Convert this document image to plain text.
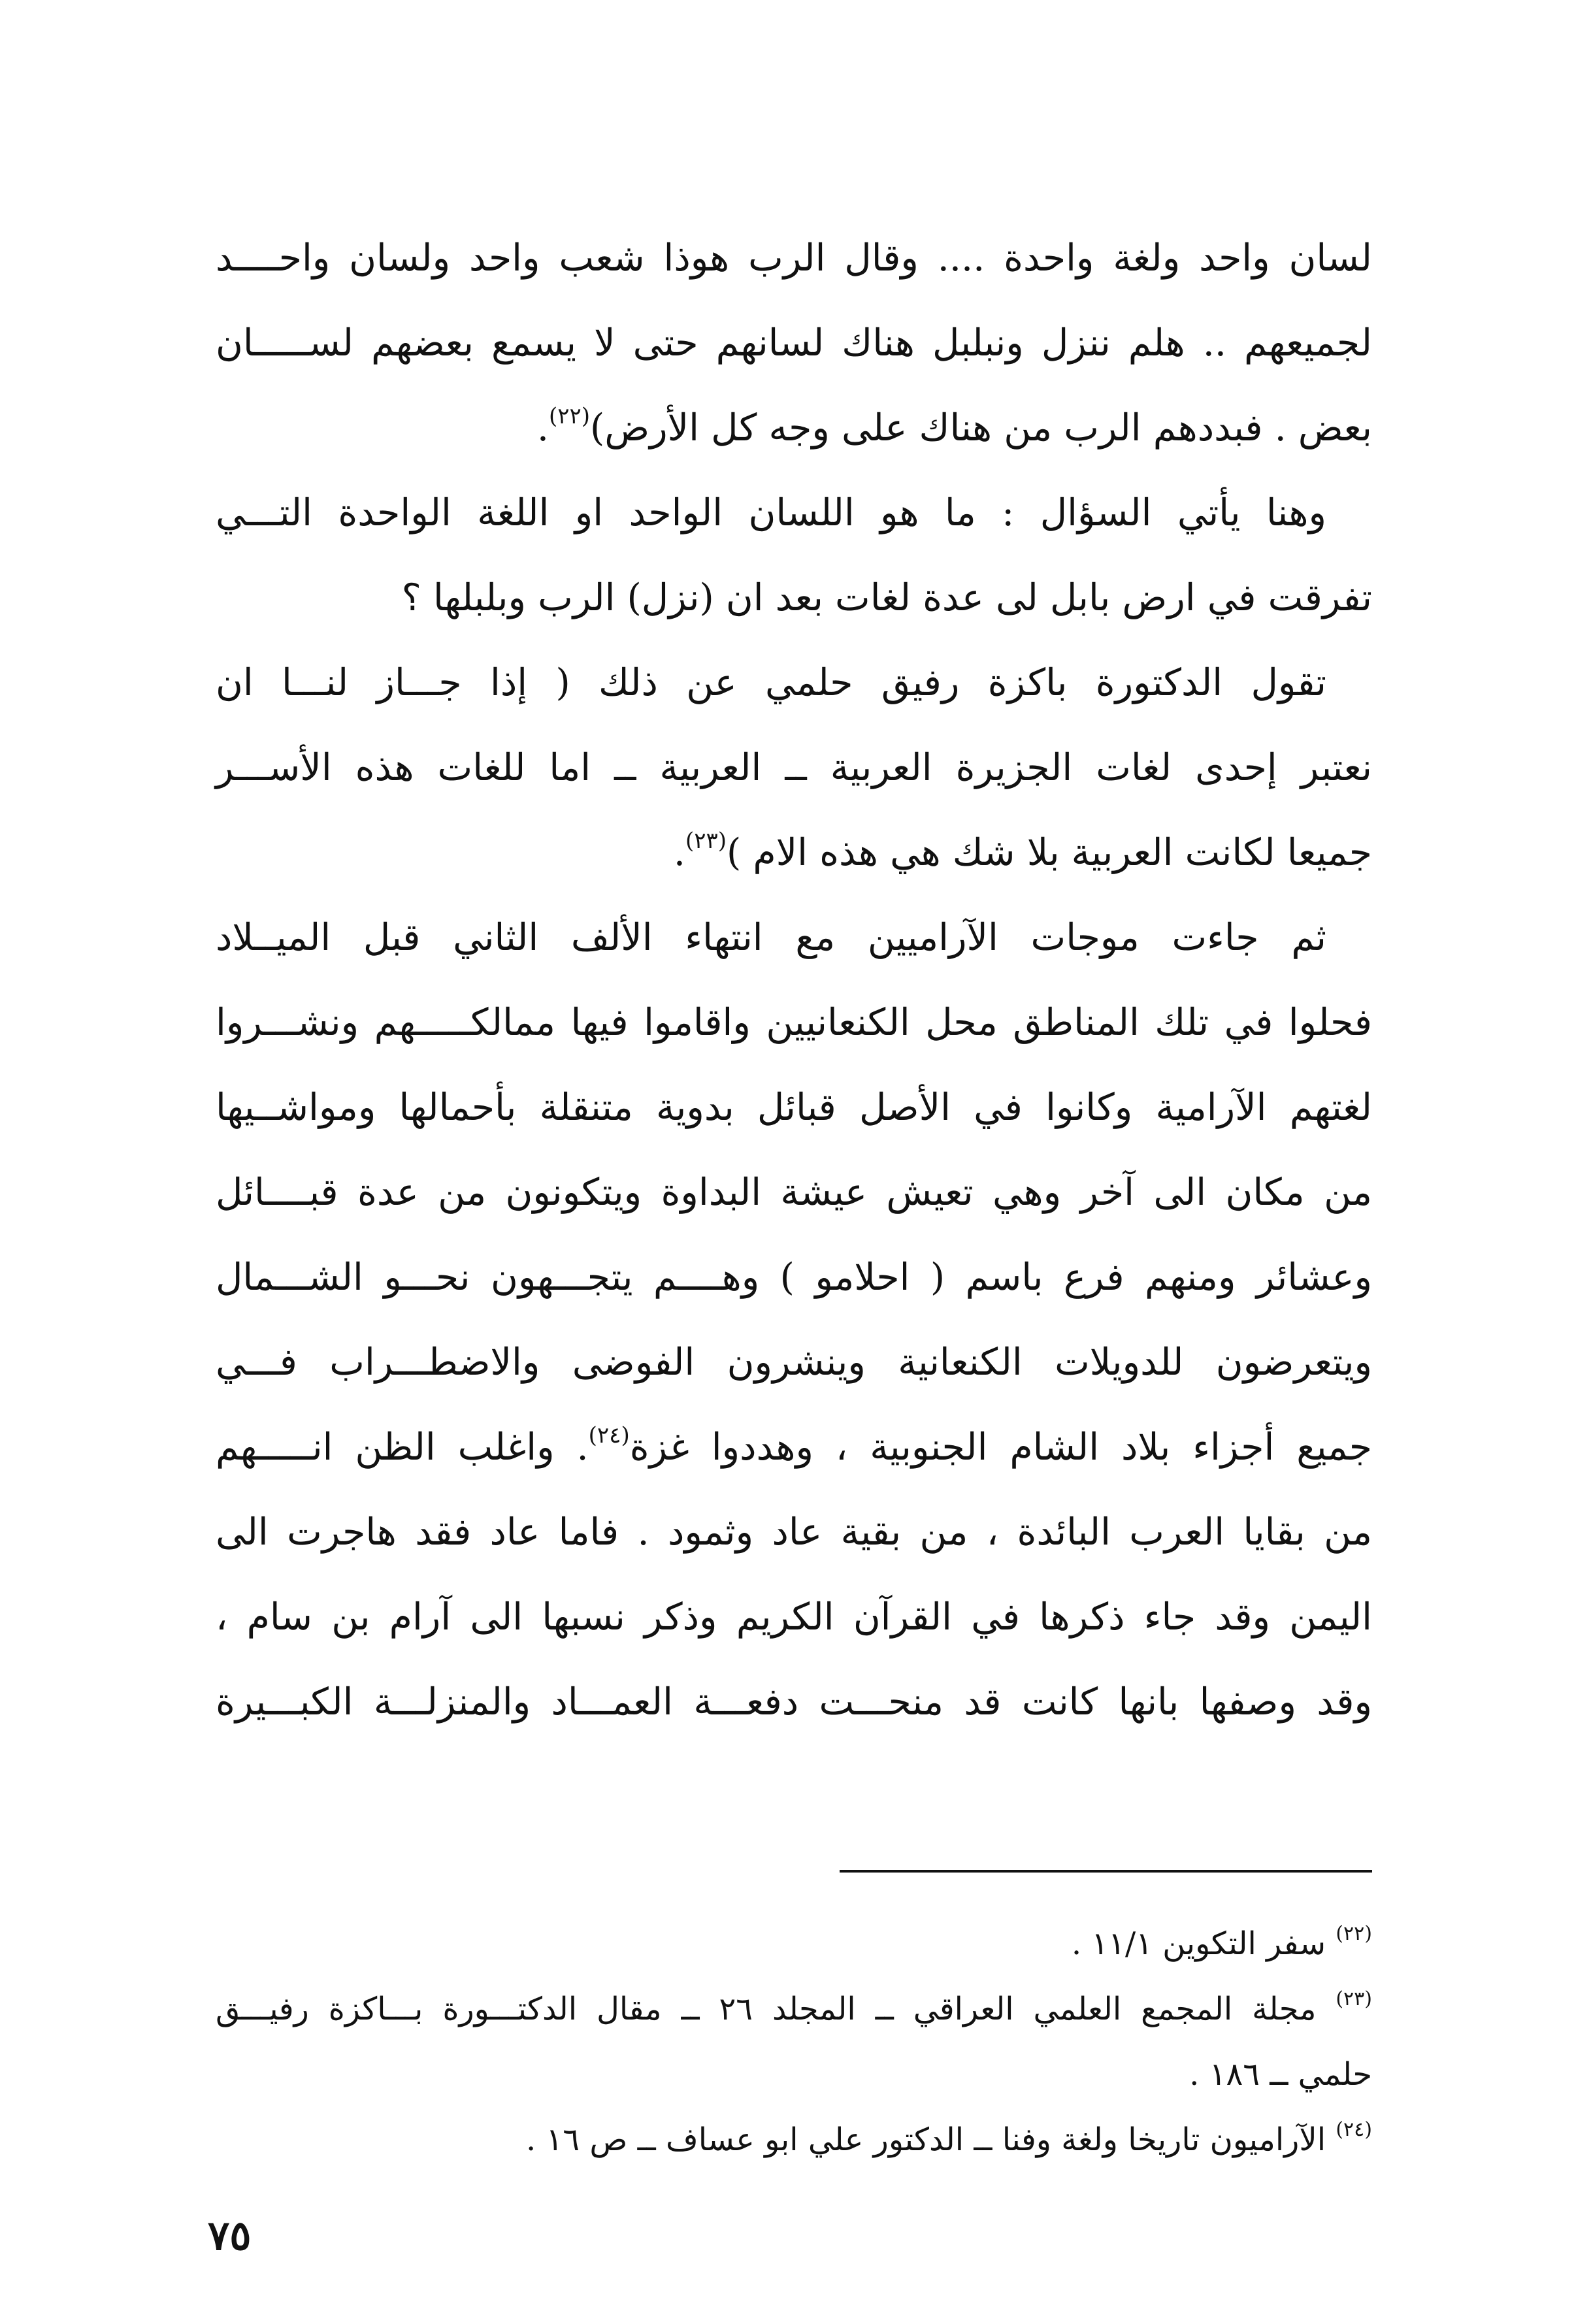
لسان واحد ولغة واحدة .... وقال الرب هوذا شعب واحد ولسان واحــــد
لجميعهم .. هلم ننزل ونبلبل هناك لسانهم حتى لا يسمع بعضهم لســـــان
بعض . فبددهم الرب من هناك على وجه كل الأرض)$^{(٢٢)}$.

وهنا يأتي السؤال : ما هو اللسان الواحد او اللغة الواحدة التـــي
تفرقت في ارض بابل لى عدة لغات بعد ان (نزل) الرب وبلبلها ؟

تقول الدكتورة باكزة رفيق حلمي عن ذلك ( إذا جـــاز لنـــا ان
نعتبر إحدى لغات الجزيرة العربية ــ العربية ــ اما للغات هذه الأســـر
جميعا لكانت العربية بلا شك هي هذه الام )$^{(٢٣)}$.

ثم جاءت موجات الآراميين مع انتهاء الألف الثاني قبل الميــلاد
فحلوا في تلك المناطق محل الكنعانيين واقاموا فيها ممالكـــــهم ونشـــروا
لغتهم الآرامية وكانوا في الأصل قبائل بدوية متنقلة بأحمالها ومواشــيها
من مكان الى آخر وهي تعيش عيشة البداوة ويتكونون من عدة قبــــائل
وعشائر ومنهم فرع باسم ( احلامو ) وهــــم يتجـــهون نحـــو الشـــمال
ويتعرضون للدويلات الكنعانية وينشرون الفوضى والاضطـــراب فـــي
جميع أجزاء بلاد الشام الجنوبية ، وهددوا غزة$^{(٢٤)}$. واغلب الظن انـــــهم
من بقايا العرب البائدة ، من بقية عاد وثمود . فاما عاد فقد هاجرت الى
اليمن وقد جاء ذكرها في القرآن الكريم وذكر نسبها الى آرام بن سام ،
وقد وصفها بانها كانت قد منحـــت دفعـــة العمـــاد والمنزلـــة الكبـــيرة

$^{(٢٢)}$ سفر التكوين ١١/١ .
$^{(٢٣)}$ مجلة المجمع العلمي العراقي ــ المجلد ٢٦ ــ مقال الدكتـــورة بـــاكزة رفيـــق
حلمي ــ ١٨٦ .
$^{(٢٤)}$ الآراميون تاريخا ولغة وفنا ــ الدكتور علي ابو عساف ــ ص ١٦ .
٧٥
